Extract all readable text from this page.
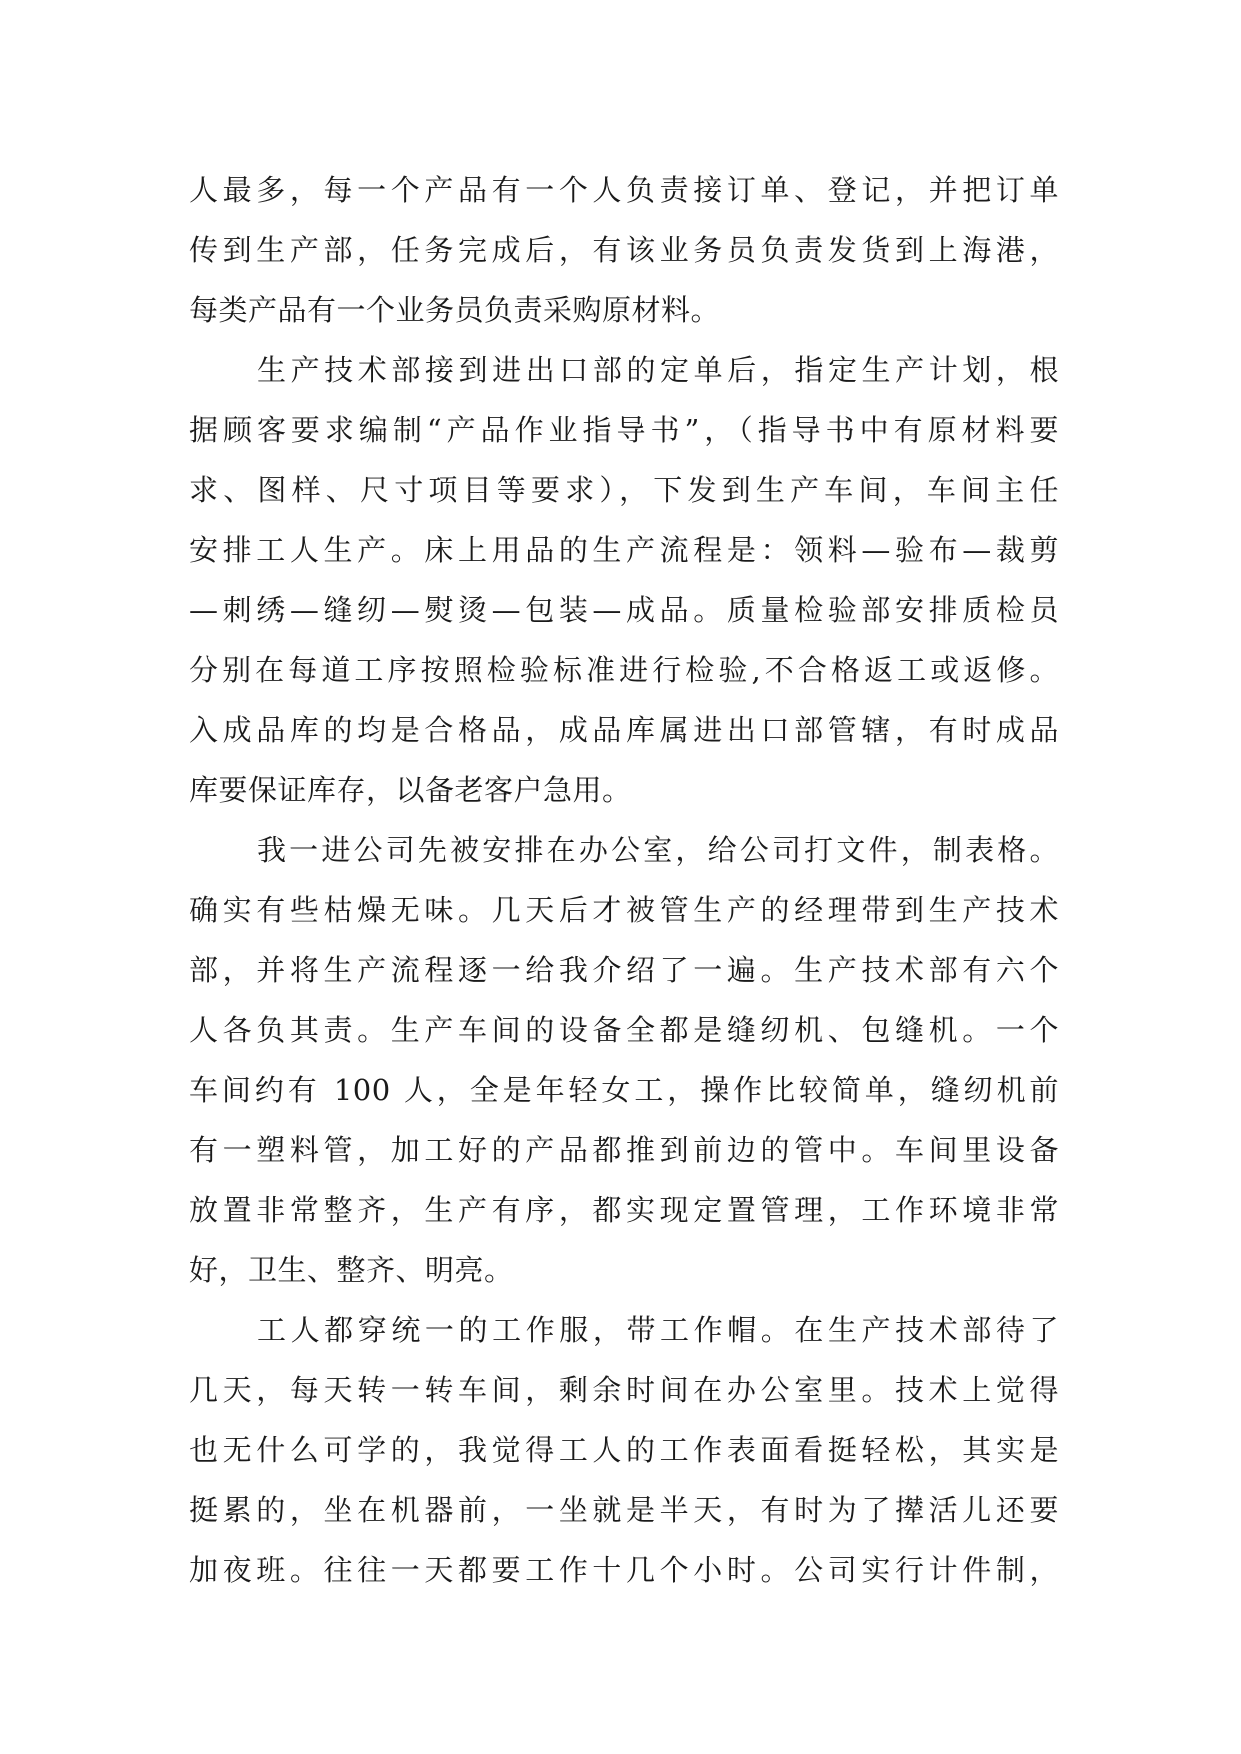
人最多，每一个产品有一个人负责接订单、登记，并把订单
传到生产部，任务完成后，有该业务员负责发货到上海港，
每类产品有一个业务员负责采购原材料。
生产技术部接到进出口部的定单后，指定生产计划，根
据顾客要求编制“产品作业指导书”，（指导书中有原材料要
求、图样、尺寸项目等要求），下发到生产车间，车间主任
安排工人生产。床上用品的生产流程是：领料—验布—裁剪
—刺绣—缝纫—熨烫—包装—成品。质量检验部安排质检员
分别在每道工序按照检验标准进行检验,不合格返工或返修。
入成品库的均是合格品，成品库属进出口部管辖，有时成品
库要保证库存，以备老客户急用。
我一进公司先被安排在办公室，给公司打文件，制表格。
确实有些枯燥无味。几天后才被管生产的经理带到生产技术
部，并将生产流程逐一给我介绍了一遍。生产技术部有六个
人各负其责。生产车间的设备全都是缝纫机、包缝机。一个
车间约有 100 人，全是年轻女工，操作比较简单，缝纫机前
有一塑料管，加工好的产品都推到前边的管中。车间里设备
放置非常整齐，生产有序，都实现定置管理，工作环境非常
好，卫生、整齐、明亮。
工人都穿统一的工作服，带工作帽。在生产技术部待了
几天，每天转一转车间，剩余时间在办公室里。技术上觉得
也无什么可学的，我觉得工人的工作表面看挺轻松，其实是
挺累的，坐在机器前，一坐就是半天，有时为了撵活儿还要
加夜班。往往一天都要工作十几个小时。公司实行计件制，
